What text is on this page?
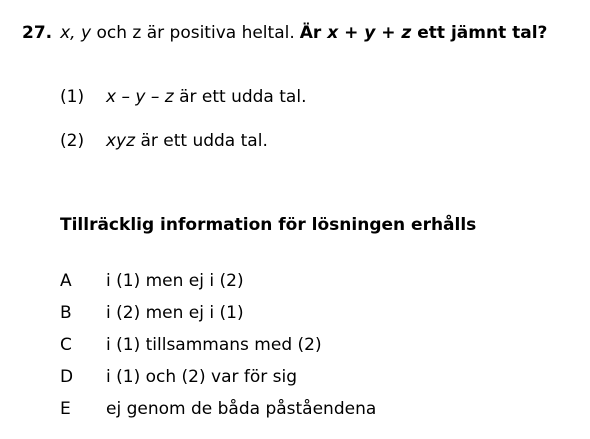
27. x, y och z är positiva heltal. Är x + y + z ett jämnt tal?
(1) x – y – z är ett udda tal.
(2) xyz är ett udda tal.
Tillräcklig information för lösningen erhålls
A i (1) men ej i (2)
B i (2) men ej i (1)
C i (1) tillsammans med (2)
D i (1) och (2) var för sig
E ej genom de båda påståendena
